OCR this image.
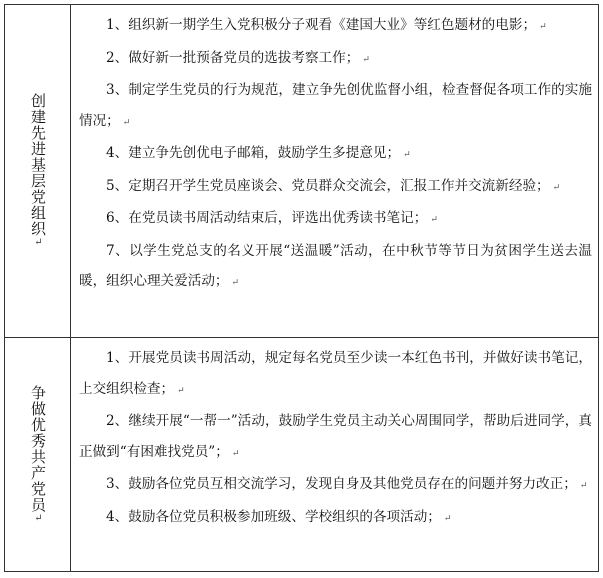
创建先进基层党组织↵

1、组织新一期学生入党积极分子观看《建国大业》等红色题材的电影； ↵

2、做好新一批预备党员的选拔考察工作； ↵

3、制定学生党员的行为规范，建立争先创优监督小组，检查督促各项工作的实施情况； ↵

4、建立争先创优电子邮箱，鼓励学生多提意见； ↵

5、定期召开学生党员座谈会、党员群众交流会，汇报工作并交流新经验； ↵

6、在党员读书周活动结束后，评选出优秀读书笔记； ↵

7、以学生党总支的名义开展“送温暖”活动，在中秋节等节日为贫困学生送去温暖，组织心理关爱活动； ↵

争做优秀共产党员↵

1、开展党员读书周活动，规定每名党员至少读一本红色书刊，并做好读书笔记，上交组织检查； ↵

2、继续开展“一帮一”活动，鼓励学生党员主动关心周围同学，帮助后进同学，真正做到“有困难找党员”； ↵

3、鼓励各位党员互相交流学习，发现自身及其他党员存在的问题并努力改正； ↵

4、鼓励各位党员积极参加班级、学校组织的各项活动； ↵
